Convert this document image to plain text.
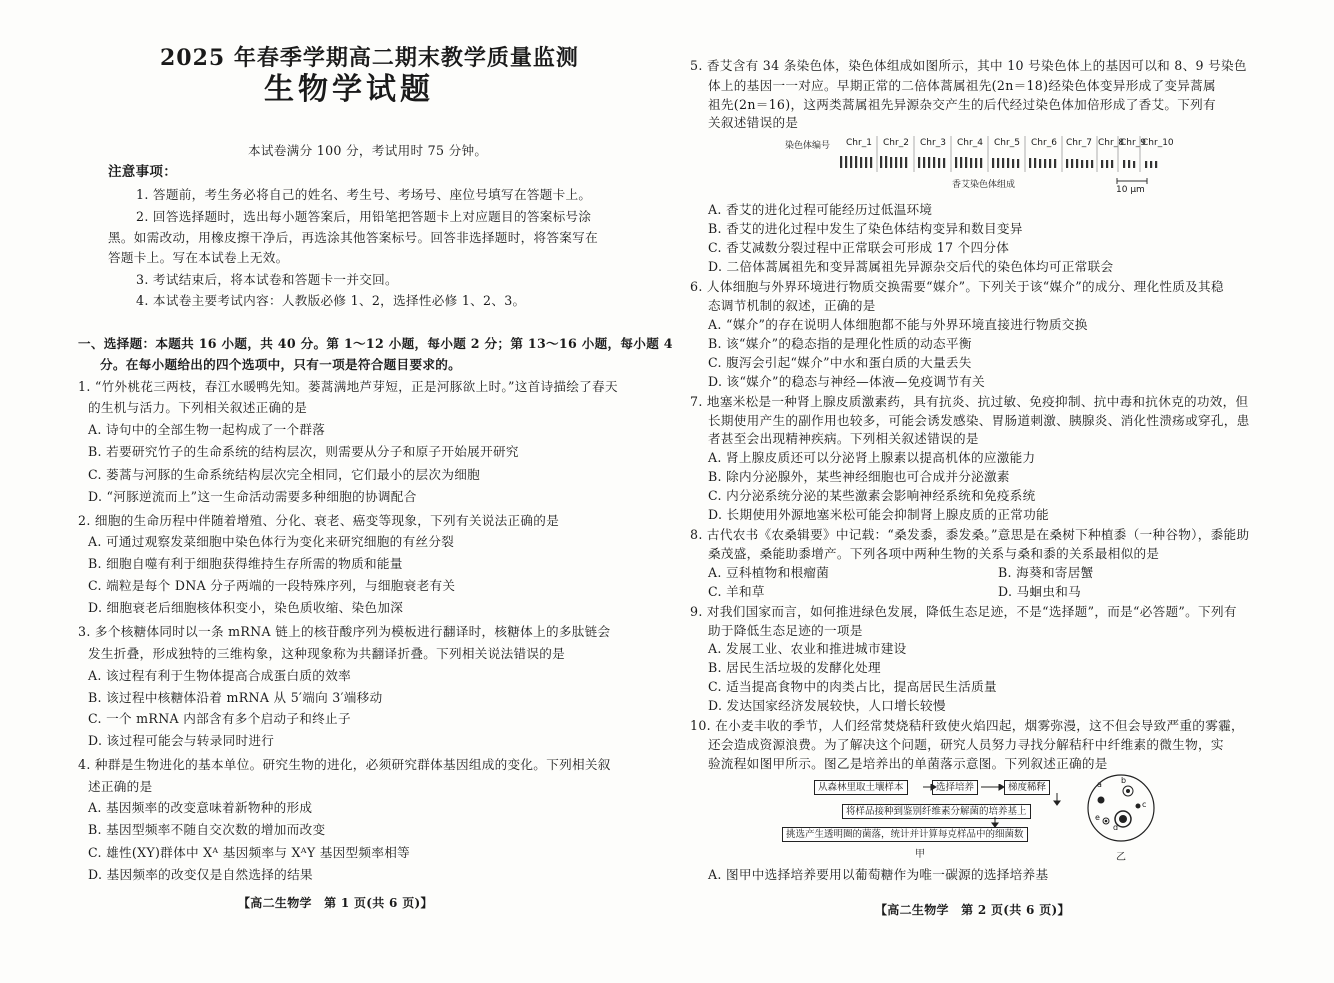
2025 年春季学期高二期末教学质量监测
生物学试题
本试卷满分 100 分，考试用时 75 分钟。
注意事项：
1. 答题前，考生务必将自己的姓名、考生号、考场号、座位号填写在答题卡上。
2. 回答选择题时，选出每小题答案后，用铅笔把答题卡上对应题目的答案标号涂
黑。如需改动，用橡皮擦干净后，再选涂其他答案标号。回答非选择题时，将答案写在
答题卡上。写在本试卷上无效。
3. 考试结束后，将本试卷和答题卡一并交回。
4. 本试卷主要考试内容：人教版必修 1、2，选择性必修 1、2、3。
一、选择题：本题共 16 小题，共 40 分。第 1～12 小题，每小题 2 分；第 13～16 小题，每小题 4
分。在每小题给出的四个选项中，只有一项是符合题目要求的。
1. “竹外桃花三两枝，春江水暖鸭先知。蒌蒿满地芦芽短，正是河豚欲上时。”这首诗描绘了春天
的生机与活力。下列相关叙述正确的是
A. 诗句中的全部生物一起构成了一个群落
B. 若要研究竹子的生命系统的结构层次，则需要从分子和原子开始展开研究
C. 蒌蒿与河豚的生命系统结构层次完全相同，它们最小的层次为细胞
D. “河豚逆流而上”这一生命活动需要多种细胞的协调配合
2. 细胞的生命历程中伴随着增殖、分化、衰老、癌变等现象，下列有关说法正确的是
A. 可通过观察发菜细胞中染色体行为变化来研究细胞的有丝分裂
B. 细胞自噬有利于细胞获得维持生存所需的物质和能量
C. 端粒是每个 DNA 分子两端的一段特殊序列，与细胞衰老有关
D. 细胞衰老后细胞核体积变小，染色质收缩、染色加深
3. 多个核糖体同时以一条 mRNA 链上的核苷酸序列为模板进行翻译时，核糖体上的多肽链会
发生折叠，形成独特的三维构象，这种现象称为共翻译折叠。下列相关说法错误的是
A. 该过程有利于生物体提高合成蛋白质的效率
B. 该过程中核糖体沿着 mRNA 从 5′端向 3′端移动
C. 一个 mRNA 内部含有多个启动子和终止子
D. 该过程可能会与转录同时进行
4. 种群是生物进化的基本单位。研究生物的进化，必须研究群体基因组成的变化。下列相关叙
述正确的是
A. 基因频率的改变意味着新物种的形成
B. 基因型频率不随自交次数的增加而改变
C. 雄性(XY)群体中 Xᴬ 基因频率与 XᴬY 基因型频率相等
D. 基因频率的改变仅是自然选择的结果
【高二生物学　第 1 页(共 6 页)】
5. 香艾含有 34 条染色体，染色体组成如图所示，其中 10 号染色体上的基因可以和 8、9 号染色
体上的基因一一对应。早期正常的二倍体蒿属祖先(2n＝18)经染色体变异形成了变异蒿属
祖先(2n＝16)，这两类蒿属祖先异源杂交产生的后代经过染色体加倍形成了香艾。下列有
关叙述错误的是
染色体编号 Chr_1 Chr_2 Chr_3 Chr_4 Chr_5 Chr_6 Chr_7 Chr_8
Chr_9
Chr_10
香艾染色体组成	10 μm
A. 香艾的进化过程可能经历过低温环境
B. 香艾的进化过程中发生了染色体结构变异和数目变异
C. 香艾减数分裂过程中正常联会可形成 17 个四分体
D. 二倍体蒿属祖先和变异蒿属祖先异源杂交后代的染色体均可正常联会
6. 人体细胞与外界环境进行物质交换需要“媒介”。下列关于该“媒介”的成分、理化性质及其稳
态调节机制的叙述，正确的是
A. “媒介”的存在说明人体细胞都不能与外界环境直接进行物质交换
B. 该“媒介”的稳态指的是理化性质的动态平衡
C. 腹泻会引起“媒介”中水和蛋白质的大量丢失
D. 该“媒介”的稳态与神经—体液—免疫调节有关
7. 地塞米松是一种肾上腺皮质激素药，具有抗炎、抗过敏、免疫抑制、抗中毒和抗休克的功效，但
长期使用产生的副作用也较多，可能会诱发感染、胃肠道刺激、胰腺炎、消化性溃疡或穿孔，患
者甚至会出现精神疾病。下列相关叙述错误的是
A. 肾上腺皮质还可以分泌肾上腺素以提高机体的应激能力
B. 除内分泌腺外，某些神经细胞也可合成并分泌激素
C. 内分泌系统分泌的某些激素会影响神经系统和免疫系统
D. 长期使用外源地塞米松可能会抑制肾上腺皮质的正常功能
8. 古代农书《农桑辑要》中记载：“桑发黍，黍发桑。”意思是在桑树下种植黍（一种谷物），黍能助
桑茂盛，桑能助黍增产。下列各项中两种生物的关系与桑和黍的关系最相似的是
A. 豆科植物和根瘤菌	B. 海葵和寄居蟹
C. 羊和草	D. 马蛔虫和马
9. 对我们国家而言，如何推进绿色发展，降低生态足迹，不是“选择题”，而是“必答题”。下列有
助于降低生态足迹的一项是
A. 发展工业、农业和推进城市建设
B. 居民生活垃圾的发酵化处理
C. 适当提高食物中的肉类占比，提高居民生活质量
D. 发达国家经济发展较快，人口增长较慢
10. 在小麦丰收的季节，人们经常焚烧秸秆致使火焰四起，烟雾弥漫，这不但会导致严重的雾霾，
还会造成资源浪费。为了解决这个问题，研究人员努力寻找分解秸秆中纤维素的微生物，实
验流程如图甲所示。图乙是培养出的单菌落示意图。下列叙述正确的是
从森林里取土壤样本	选择培养	梯度稀释
将样品接种到鉴别纤维素分解菌的培养基上
挑选产生透明圈的菌落，统计并计算每克样品中的细菌数
甲
a b
c
d
e
乙
A. 图甲中选择培养要用以葡萄糖作为唯一碳源的选择培养基
【高二生物学　第 2 页(共 6 页)】
